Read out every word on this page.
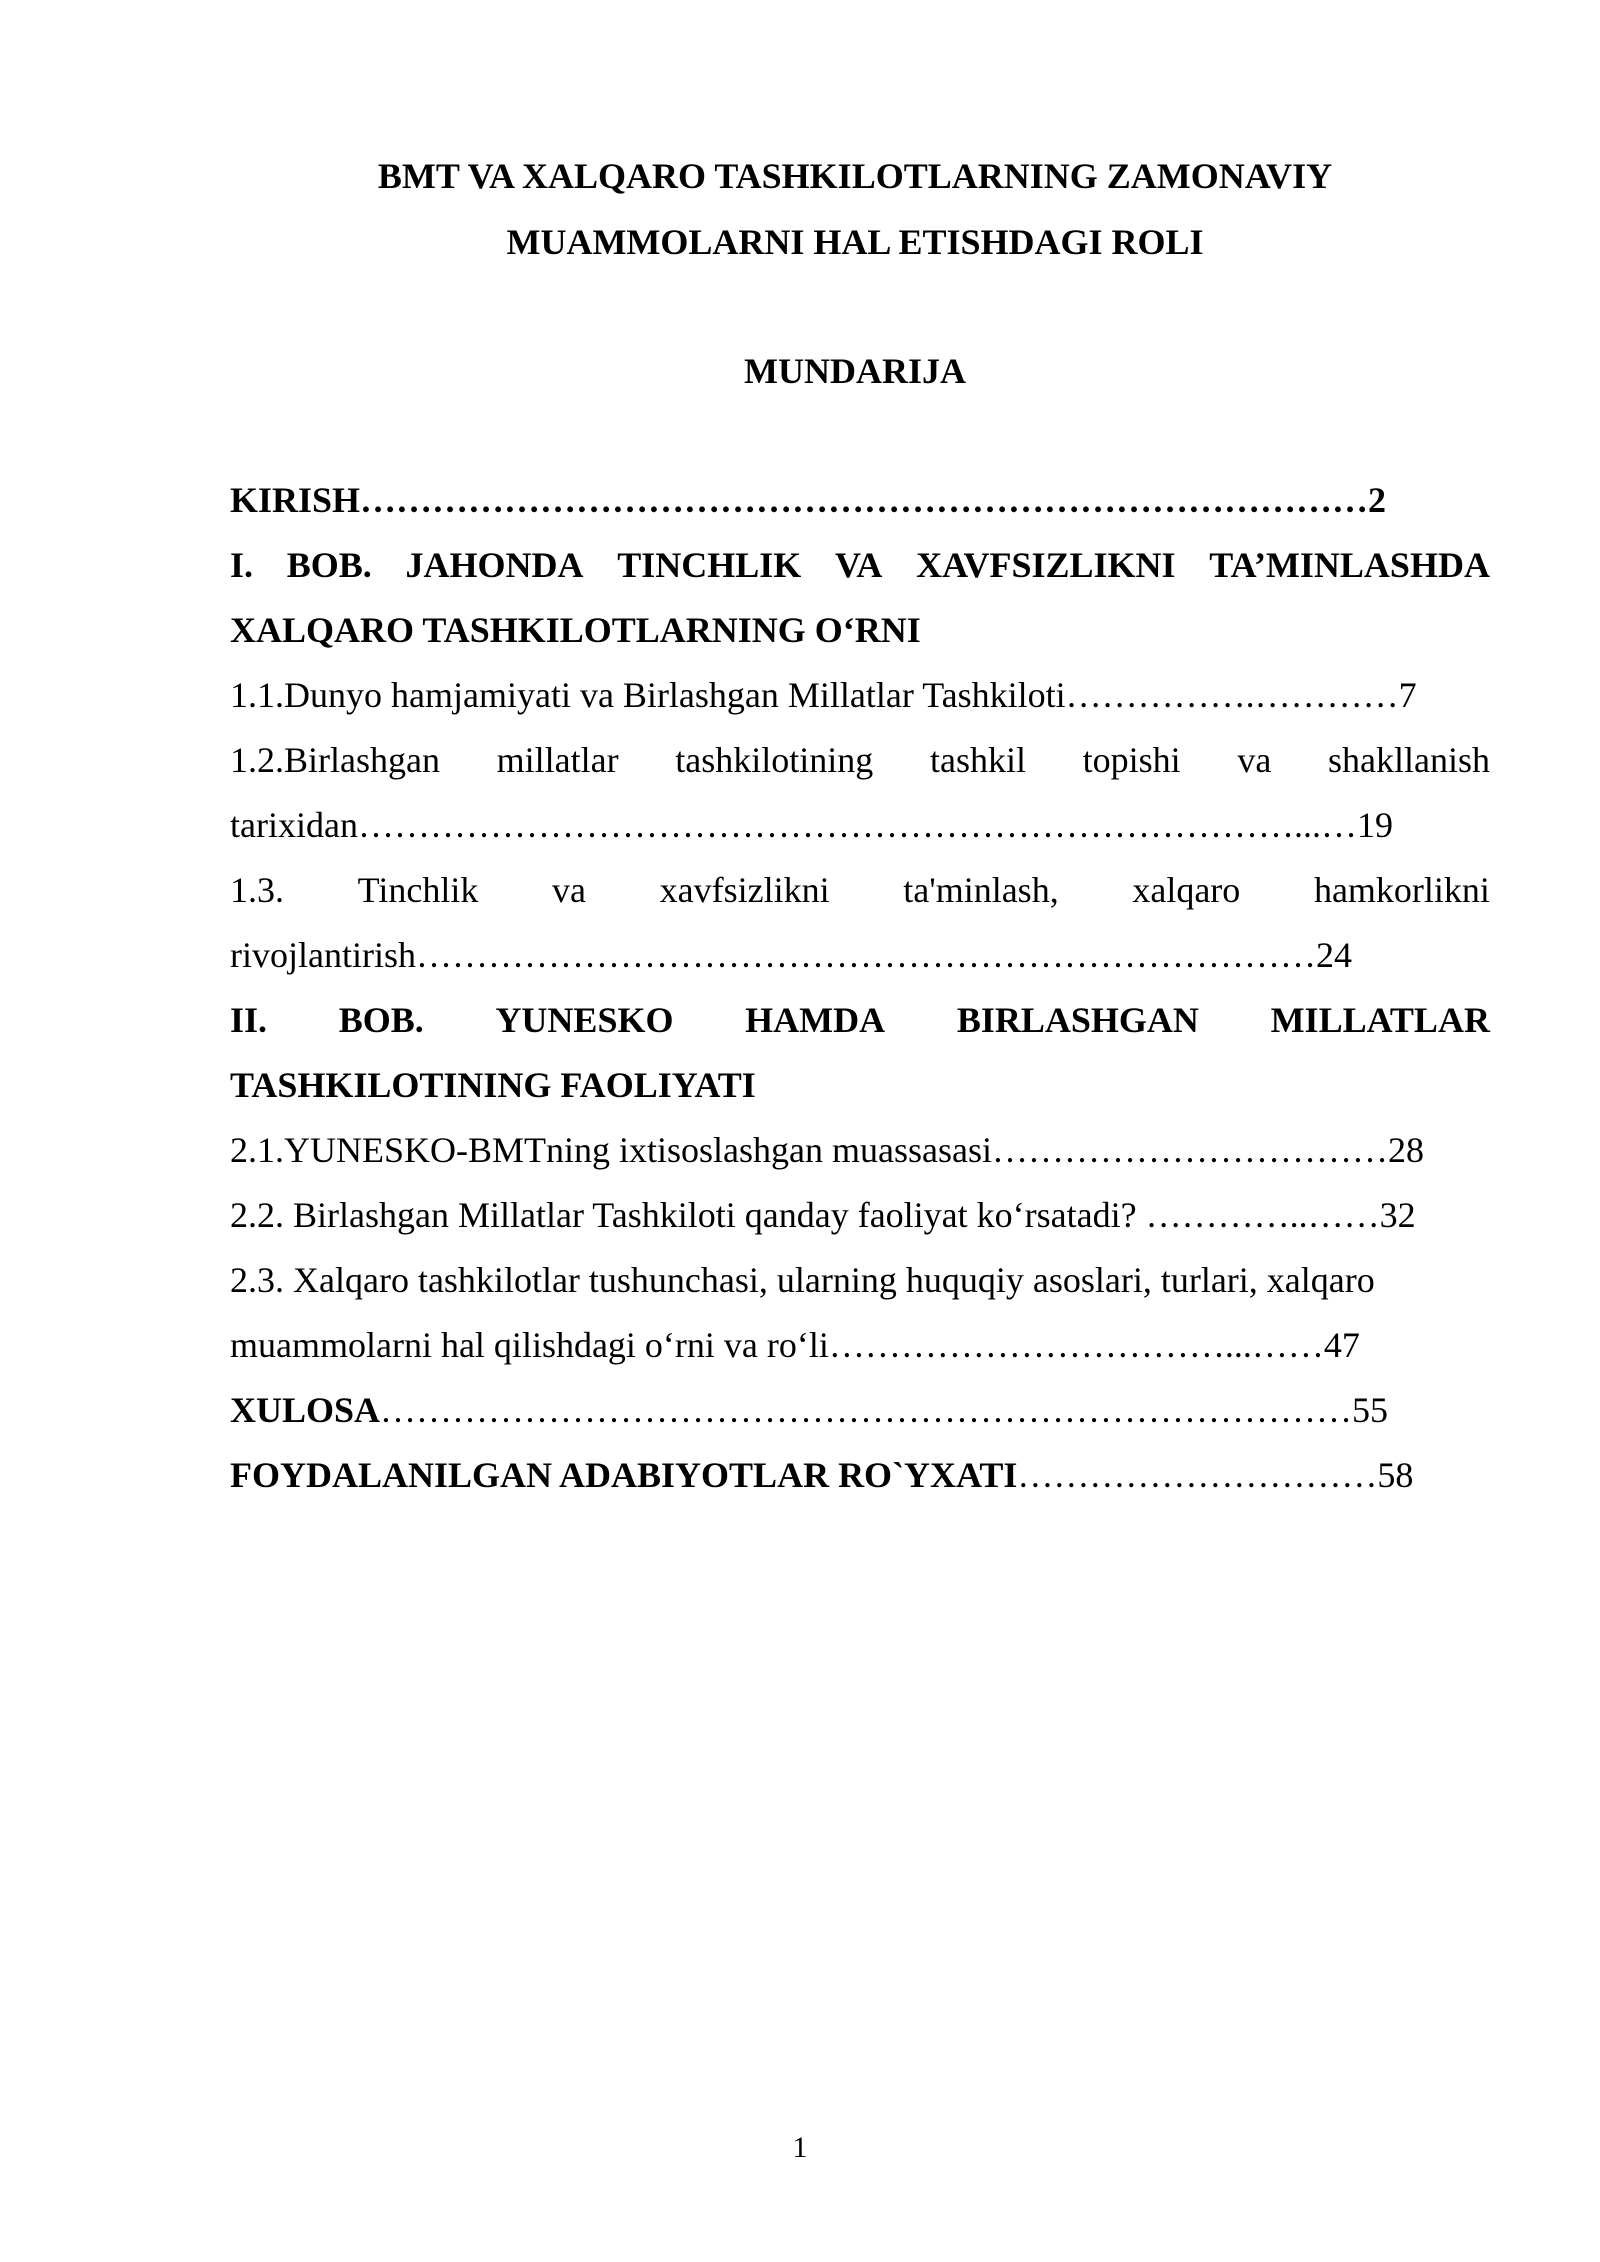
BMT VA XALQARO TASHKILOTLARNING ZAMONAVIY
MUAMMOLARNI HAL ETISHDAGI ROLI
MUNDARIJA
KIRISH…………………………………………………………………………2
I. BOB. JAHONDA TINCHLIK VA XAVFSIZLIKNI TA’MINLASHDA
XALQARO TASHKILOTLARNING O‘RNI
1.1.Dunyo hamjamiyati va Birlashgan Millatlar Tashkiloti…………….…………7
1.2.Birlashgan millatlar tashkilotining tashkil topishi va shakllanish
tarixidan……………………………………………………………………...…19
1.3. Tinchlik va xavfsizlikni ta'minlash, xalqaro hamkorlikni
rivojlantirish…………………………………………………………………24
II. BOB. YUNESKO HAMDA BIRLASHGAN MILLATLAR
TASHKILOTINING FAOLIYATI
2.1.YUNESKO-BMTning ixtisoslashgan muassasasi……………………………28
2.2. Birlashgan Millatlar Tashkiloti qanday faoliyat ko‘rsatadi? …………..……32
2.3. Xalqaro tashkilotlar tushunchasi, ularning huquqiy asoslari, turlari, xalqaro
muammolarni hal qilishdagi o‘rni va ro‘li……………………………...……47
XULOSA………………………………………………………………………55
FOYDALANILGAN ADABIYOTLAR RO`YXATI…………………………58
1
